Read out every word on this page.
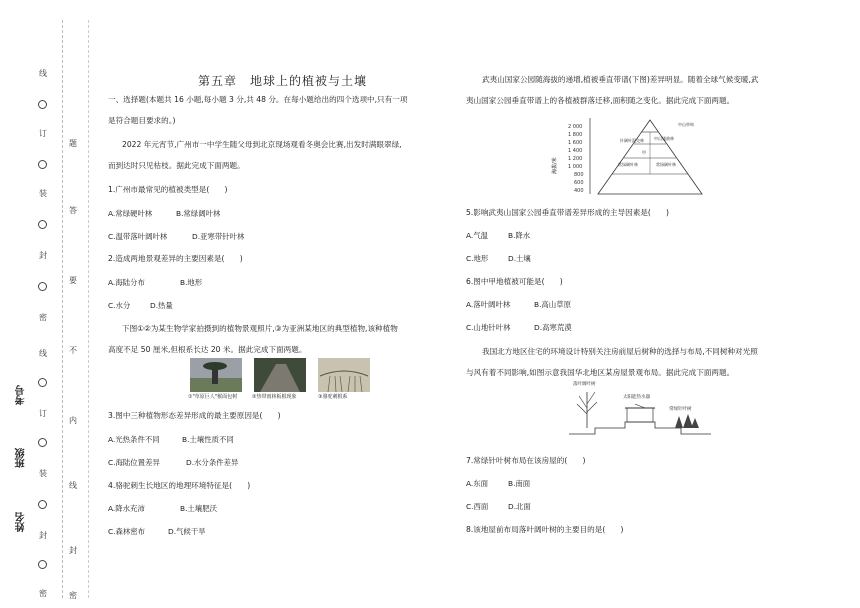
线
订
装
封
密
线
订
装
封
密
题
答
要
不
内
线
封
密
考号
班级
姓名
第五章　地球上的植被与土壤
一、选择题(本题共 16 小题,每小题 3 分,共 48 分。在每小题给出的四个选项中,只有一项
是符合题目要求的。)
2022 年元宵节,广州市一中学生随父母到北京现场观看冬奥会比赛,出发时满眼翠绿,
而到达时只见枯枝。据此完成下面两题。
1.广州市最常见的植被类型是(　　)
A.常绿硬叶林	B.常绿阔叶林
C.温带落叶阔叶林	D.亚寒带针叶林
2.造成两地景观差异的主要因素是(　　)
A.海陆分布	B.地形
C.水分	D.热量
下图①②为某生物学家拍摄到的植物景观照片,③为亚洲某地区的典型植物,该种植物
高度不足 50 厘米,但根系长达 20 米。据此完成下面两题。
①"草原巨人"猴面包树	②热带雨林板根现象	③骆驼刺根系
3.图中三种植物形态差异形成的最主要原因是(　　)
A.光热条件不同	B.土壤性质不同
C.海陆位置差异	D.水分条件差异
4.骆驼刺生长地区的地理环境特征是(　　)
A.降水充沛	B.土壤肥沃
C.森林密布	D.气候干旱
武夷山国家公园随海拔的递增,植被垂直带谱(下图)差异明显。随着全球气候变暖,武
夷山国家公园垂直带谱上的各植被群落迁移,面积随之变化。据此完成下面两题。
2 000
1 800
1 600
1 400
1 200
1 000
800
600
400
海拔/米
中山草甸
中山矮曲林
针阔叶混交林
常绿阔叶林
甲
常绿阔叶林
5.影响武夷山国家公园垂直带谱差异形成的主导因素是(　　)
A.气温	B.降水
C.地形	D.土壤
6.图中甲地植被可能是(　　)
A.落叶阔叶林	B.高山草原
C.山地针叶林	D.高寒荒漠
我国北方地区住宅的环境设计特别关注房前屋后树种的选择与布局,不同树种对光照
与风有着不同影响,如图示意我国华北地区某房屋景观布局。据此完成下面两题。
落叶阔叶树
太阳能热水器
常绿针叶树
7.常绿针叶树布局在该房屋的(　　)
A.东面	B.南面
C.西面	D.北面
8.该地屋前布局落叶阔叶树的主要目的是(　　)
